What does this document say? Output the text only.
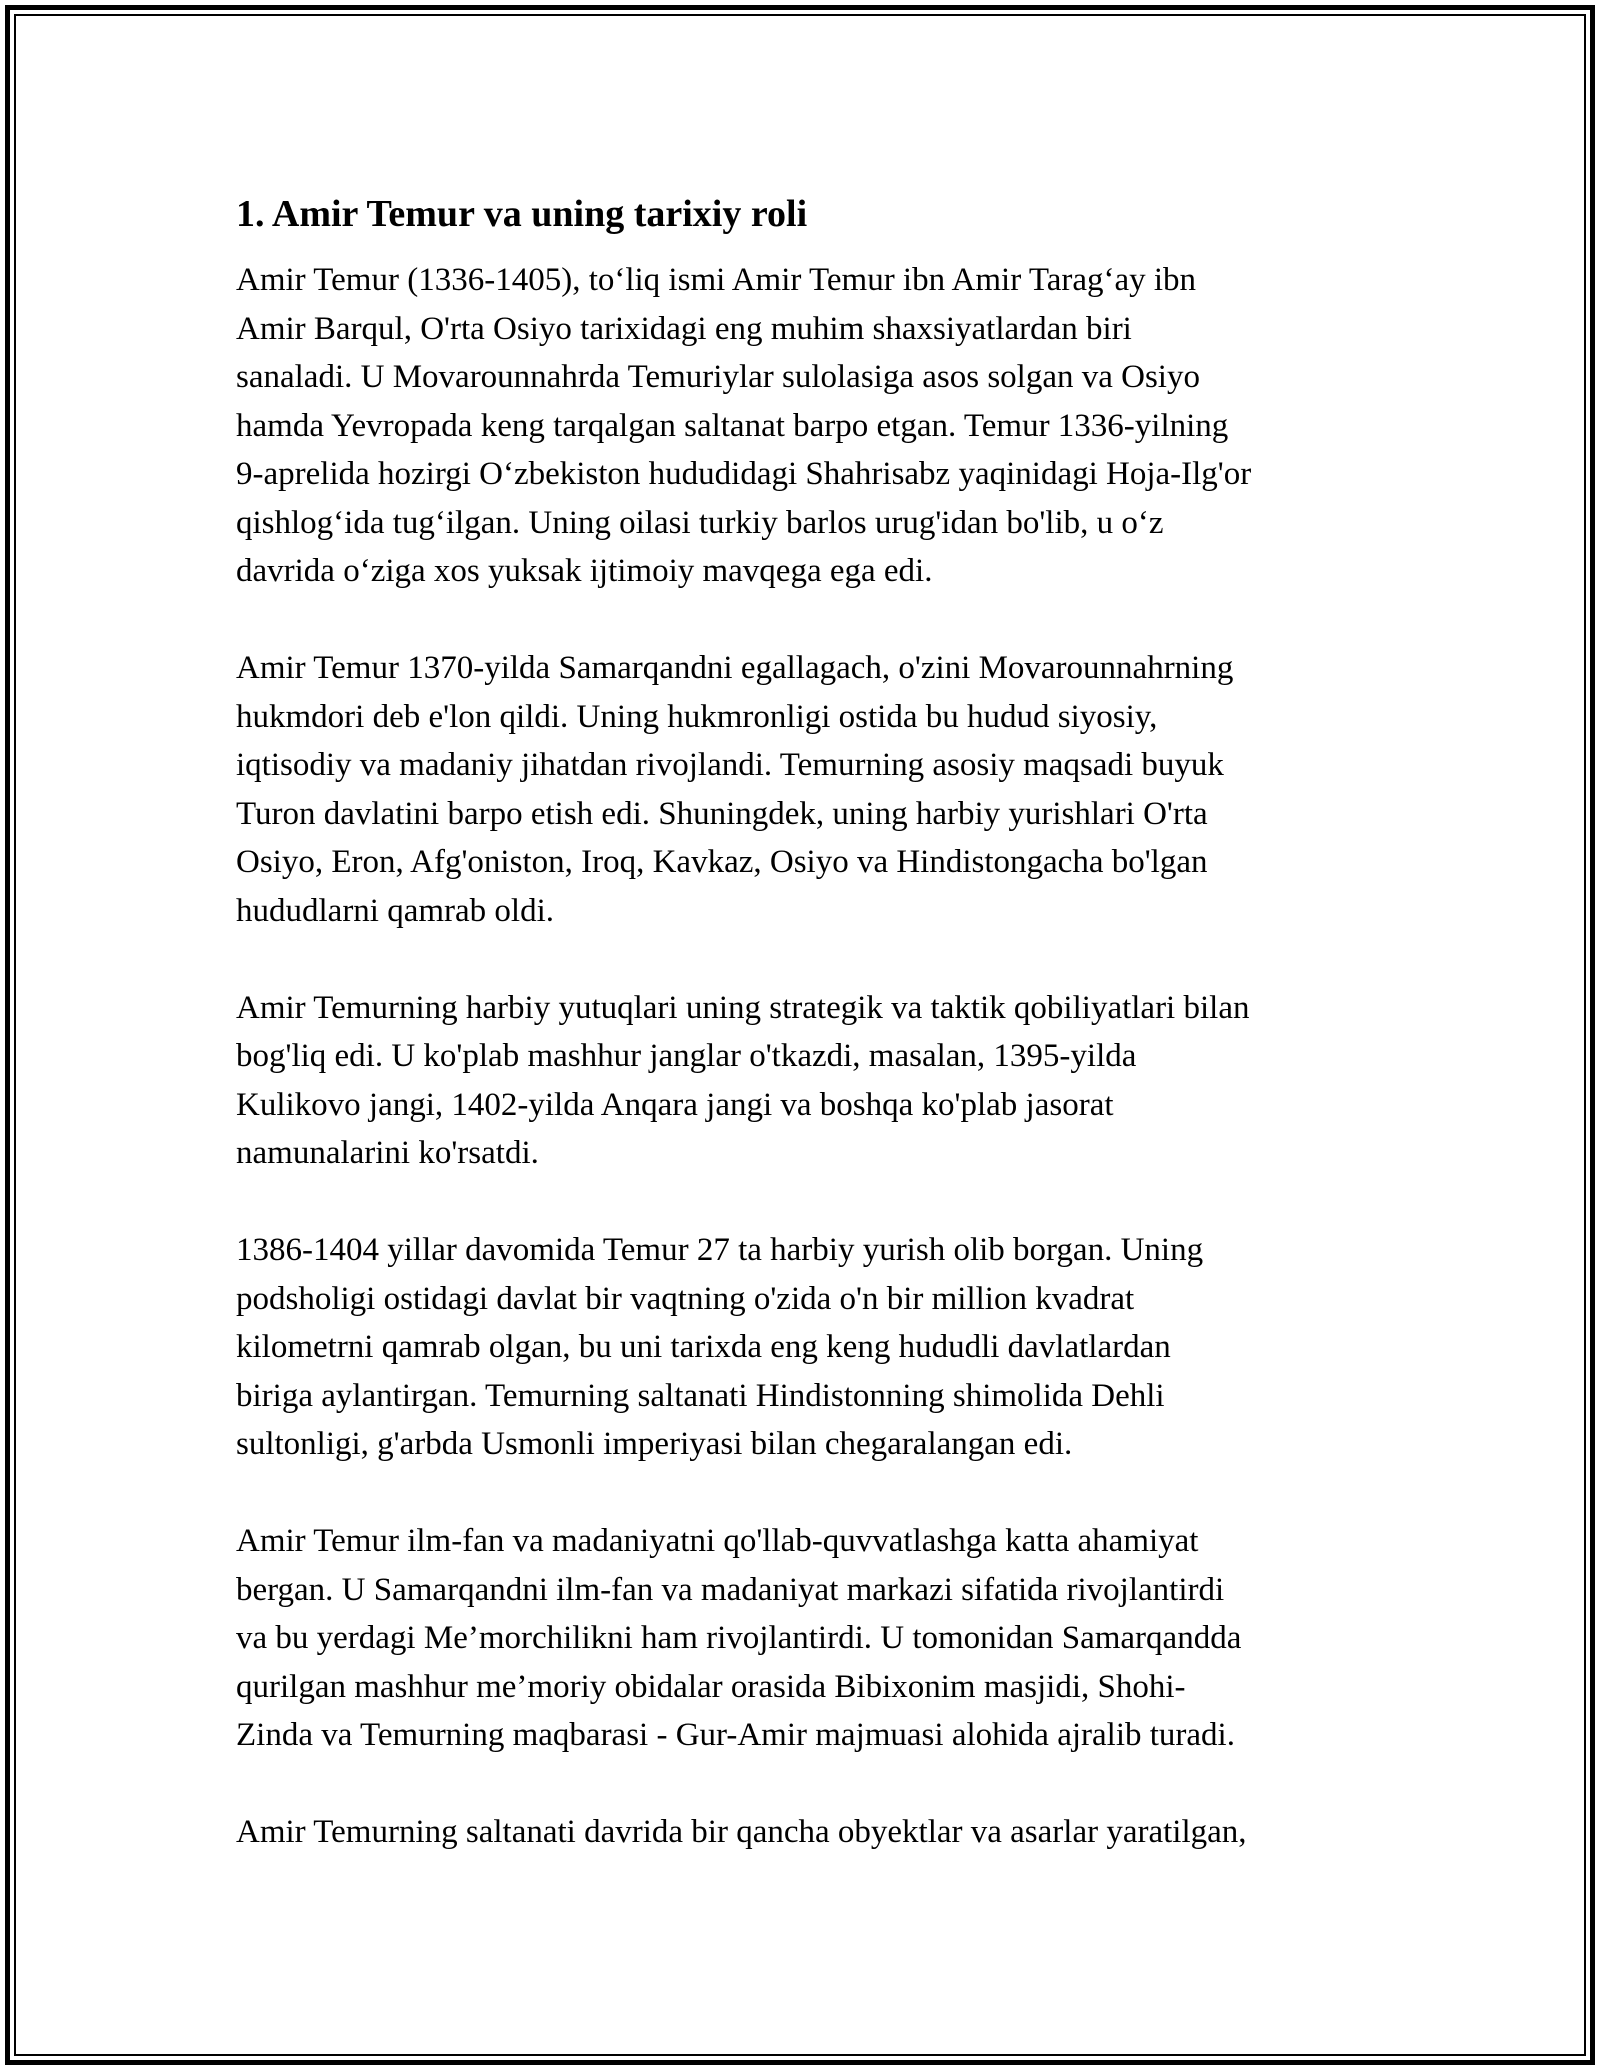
1. Amir Temur va uning tarixiy roli
Amir Temur (1336-1405), to‘liq ismi Amir Temur ibn Amir Tarag‘ay ibn
Amir Barqul, O'rta Osiyo tarixidagi eng muhim shaxsiyatlardan biri
sanaladi. U Movarounnahrda Temuriylar sulolasiga asos solgan va Osiyo
hamda Yevropada keng tarqalgan saltanat barpo etgan. Temur 1336-yilning
9-aprelida hozirgi O‘zbekiston hududidagi Shahrisabz yaqinidagi Hoja-Ilg'or
qishlog‘ida tug‘ilgan. Uning oilasi turkiy barlos urug'idan bo'lib, u o‘z
davrida o‘ziga xos yuksak ijtimoiy mavqega ega edi.
Amir Temur 1370-yilda Samarqandni egallagach, o'zini Movarounnahrning
hukmdori deb e'lon qildi. Uning hukmronligi ostida bu hudud siyosiy,
iqtisodiy va madaniy jihatdan rivojlandi. Temurning asosiy maqsadi buyuk
Turon davlatini barpo etish edi. Shuningdek, uning harbiy yurishlari O'rta
Osiyo, Eron, Afg'oniston, Iroq, Kavkaz, Osiyo va Hindistongacha bo'lgan
hududlarni qamrab oldi.
Amir Temurning harbiy yutuqlari uning strategik va taktik qobiliyatlari bilan
bog'liq edi. U ko'plab mashhur janglar o'tkazdi, masalan, 1395-yilda
Kulikovo jangi, 1402-yilda Anqara jangi va boshqa ko'plab jasorat
namunalarini ko'rsatdi.
1386-1404 yillar davomida Temur 27 ta harbiy yurish olib borgan. Uning
podsholigi ostidagi davlat bir vaqtning o'zida o'n bir million kvadrat
kilometrni qamrab olgan, bu uni tarixda eng keng hududli davlatlardan
biriga aylantirgan. Temurning saltanati Hindistonning shimolida Dehli
sultonligi, g'arbda Usmonli imperiyasi bilan chegaralangan edi.
Amir Temur ilm-fan va madaniyatni qo'llab-quvvatlashga katta ahamiyat
bergan. U Samarqandni ilm-fan va madaniyat markazi sifatida rivojlantirdi
va bu yerdagi Me’morchilikni ham rivojlantirdi. U tomonidan Samarqandda
qurilgan mashhur me’moriy obidalar orasida Bibixonim masjidi, Shohi-
Zinda va Temurning maqbarasi - Gur-Amir majmuasi alohida ajralib turadi.
Amir Temurning saltanati davrida bir qancha obyektlar va asarlar yaratilgan,
